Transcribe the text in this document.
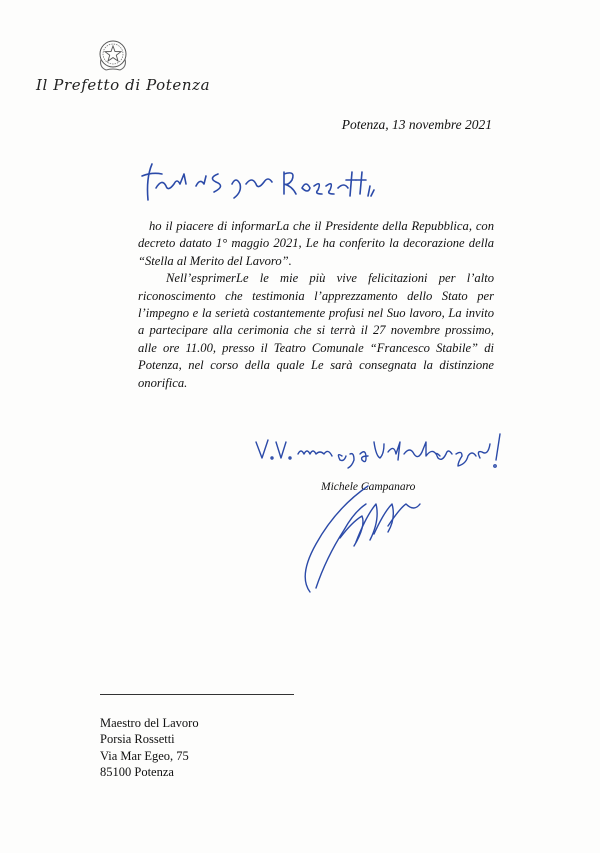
Il Prefetto di Potenza
Potenza, 13 novembre 2021

ho il piacere di informarLa che il Presidente della Repubblica, con decreto datato 1° maggio 2021, Le ha conferito la decorazione della “Stella al Merito del Lavoro”.

Nell’esprimerLe le mie più vive felicitazioni per l’alto riconoscimento che testimonia l’apprezzamento dello Stato per l’impegno e la serietà costantemente profusi nel Suo lavoro, La invito a partecipare alla cerimonia che si terrà il 27 novembre prossimo, alle ore 11.00, presso il Teatro Comunale “Francesco Stabile” di Potenza, nel corso della quale Le sarà consegnata la distinzione onorifica.

Michele Campanaro
Maestro del Lavoro
Porsia Rossetti
Via Mar Egeo, 75
85100 Potenza
